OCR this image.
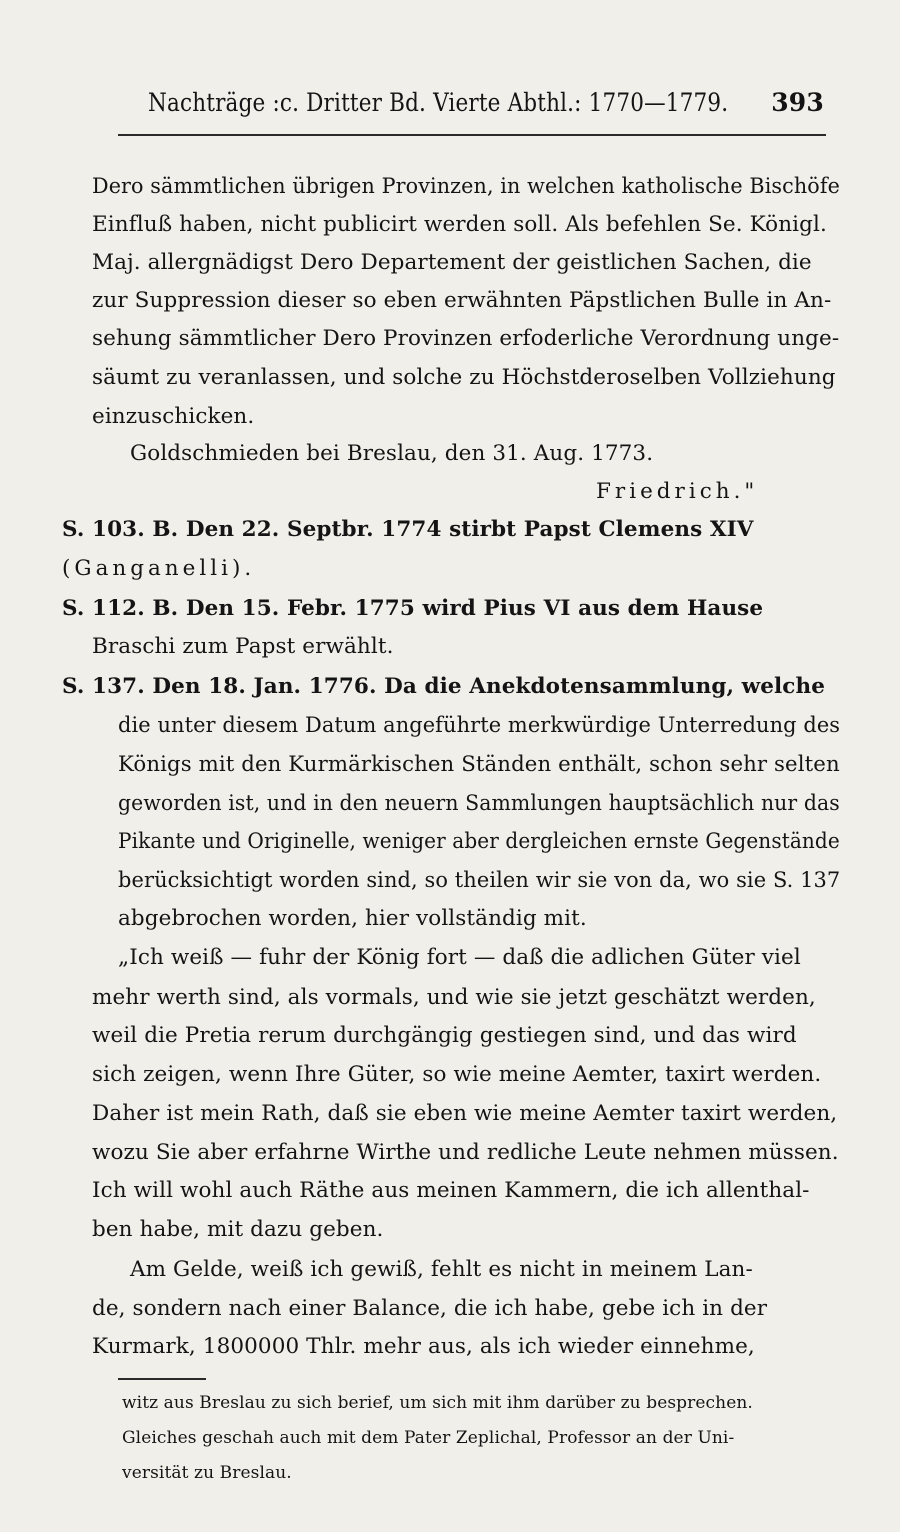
Nachträge :c. Dritter Bd. Vierte Abthl.: 1770—1779. 393
Dero sämmtlichen übrigen Provinzen, in welchen katholische Bischöfe
Einfluß haben, nicht publicirt werden soll. Als befehlen Se. Königl.
Maj. allergnädigst Dero Departement der geistlichen Sachen, die
zur Suppression dieser so eben erwähnten Päpstlichen Bulle in An-
sehung sämmtlicher Dero Provinzen erfoderliche Verordnung unge-
säumt zu veranlassen, und solche zu Höchstderoselben Vollziehung
einzuschicken.
Goldschmieden bei Breslau, den 31. Aug. 1773.
Friedrich."
S. 103. B. Den 22. Septbr. 1774 stirbt Papst Clemens XIV
(Ganganelli).
S. 112. B. Den 15. Febr. 1775 wird Pius VI aus dem Hause
Braschi zum Papst erwählt.
S. 137. Den 18. Jan. 1776. Da die Anekdotensammlung, welche
die unter diesem Datum angeführte merkwürdige Unterredung des
Königs mit den Kurmärkischen Ständen enthält, schon sehr selten
geworden ist, und in den neuern Sammlungen hauptsächlich nur das
Pikante und Originelle, weniger aber dergleichen ernste Gegenstände
berücksichtigt worden sind, so theilen wir sie von da, wo sie S. 137
abgebrochen worden, hier vollständig mit.
„Ich weiß — fuhr der König fort — daß die adlichen Güter viel
mehr werth sind, als vormals, und wie sie jetzt geschätzt werden,
weil die Pretia rerum durchgängig gestiegen sind, und das wird
sich zeigen, wenn Ihre Güter, so wie meine Aemter, taxirt werden.
Daher ist mein Rath, daß sie eben wie meine Aemter taxirt werden,
wozu Sie aber erfahrne Wirthe und redliche Leute nehmen müssen.
Ich will wohl auch Räthe aus meinen Kammern, die ich allenthal-
ben habe, mit dazu geben.
Am Gelde, weiß ich gewiß, fehlt es nicht in meinem Lan-
de, sondern nach einer Balance, die ich habe, gebe ich in der
Kurmark, 1800000 Thlr. mehr aus, als ich wieder einnehme,
witz aus Breslau zu sich berief, um sich mit ihm darüber zu besprechen.
Gleiches geschah auch mit dem Pater Zeplichal, Professor an der Uni-
versität zu Breslau.
